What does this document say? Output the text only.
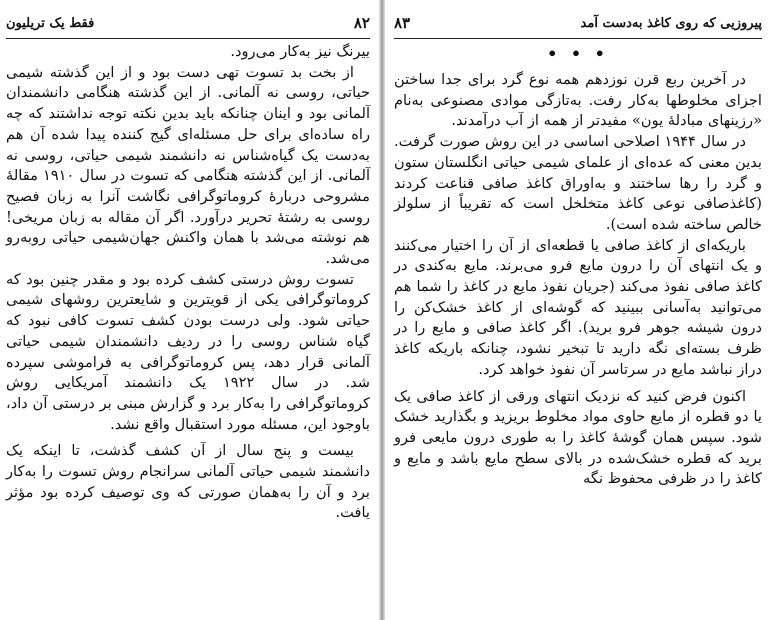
۸۲
فقط یک تریلیون

بیرنگ نیز به‌کار می‌رود.

از بخت بد تسوت تهی دست بود و از این گذشته شیمی حیاتی، روسی نه آلمانی. از این گذشته هنگامی دانشمندان آلمانی بود و اینان چنانکه باید بدین نکته توجه نداشتند که چه راه ساده‌ای برای حل مسئله‌ای گیج کننده پیدا شده آن هم به‌دست یک گیاه‌شناس نه دانشمند شیمی حیاتی، روسی نه آلمانی. از این گذشته هنگامی که تسوت در سال ۱۹۱۰ مقالهٔ مشروحی دربارهٔ کروماتوگرافی نگاشت آنرا به زبان فصیح روسی به رشتهٔ تحریر درآورد. اگر آن مقاله به زبان مریخی! هم نوشته می‌شد با همان واکنش جهان‌شیمی حیاتی روبه‌رو می‌شد.

تسوت روش درستی کشف کرده بود و مقدر چنین بود که کروماتوگرافی یکی از قویترین و شایعترین روشهای شیمی حیاتی شود. ولی درست بودن کشف تسوت کافی نبود که گیاه شناس روسی را در ردیف دانشمندان شیمی حیاتی آلمانی قرار دهد، پس کروماتوگرافی به فراموشی سپرده شد. در سال ۱۹۲۲ یک دانشمند آمریکایی روش کروماتوگرافی را به‌کار برد و گزارش مبنی بر درستی آن داد، باوجود این، مسئله مورد استقبال واقع نشد.

بیست و پنج سال از آن کشف گذشت، تا اینکه یک دانشمند شیمی حیاتی آلمانی سرانجام روش تسوت را به‌کار برد و آن را به‌همان صورتی که وی توصیف کرده بود مؤثر یافت.

پیروزیی که روی کاغذ به‌دست آمد
۸۳
• • •

در آخرین ربع قرن نوزدهم همه نوع گرد برای جدا ساختن اجزای مخلوطها به‌کار رفت. به‌تازگی موادی مصنوعی به‌نام «رزینهای مبادلهٔ یون» مفیدتر از همه از آب در‌آمدند.

در سال ۱۹۴۴ اصلاحی اساسی در این روش صورت گرفت. بدین معنی که عده‌ای از علمای شیمی حیاتی انگلستان ستون و گرد را رها ساختند و به‌اوراق کاغذ صافی قناعت کردند (کاغذصافی نوعی کاغذ متخلخل است که تقریباً از سلولز خالص ساخته شده است).

باریکه‌ای از کاغذ صافی یا قطعه‌ای از آن را اختیار می‌کنند و یک انتهای آن را درون مایع فرو می‌برند. مایع به‌کندی در کاغذ صافی نفوذ می‌کند (جریان نفوذ مایع در کاغذ را شما هم می‌توانید به‌آسانی ببینید که گوشه‌ای از کاغذ خشک‌کن را درون شیشه جوهر فرو برید). اگر کاغذ صافی و مایع را در ظرف بسته‌ای نگه دارید تا تبخیر نشود، چنانکه باریکه کاغذ دراز نباشد مایع در سرتاسر آن نفوذ خواهد کرد.

اکنون فرض کنید که نزدیک انتهای ورقی از کاغذ صافی یک یا دو قطره از مایع حاوی مواد مخلوط بریزید و بگذارید خشک شود. سپس همان گوشهٔ کاغذ را به طوری درون مایعی فرو برید که قطره خشک‌شده در بالای سطح مایع باشد و مایع و کاغذ را در ظرفی محفوظ نگه
